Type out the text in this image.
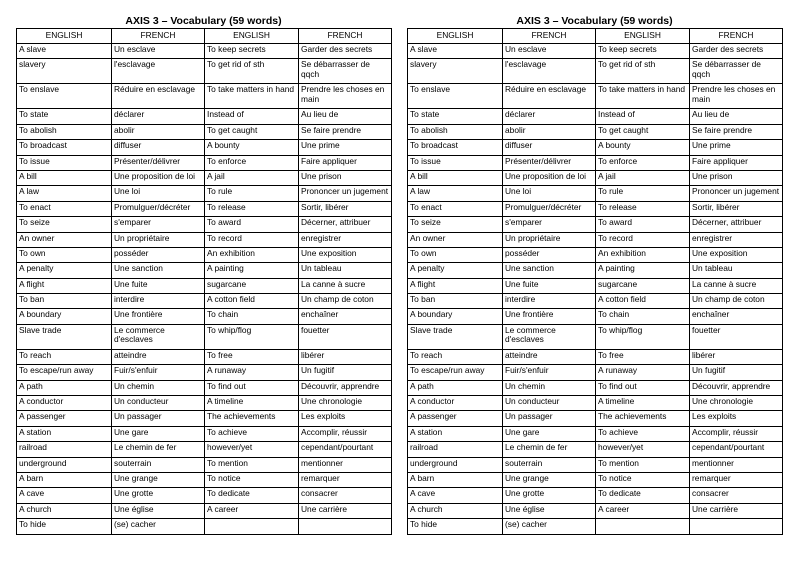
AXIS 3 – Vocabulary (59 words)
ENGLISH	FRENCH	ENGLISH	FRENCH
A slave	Un esclave	To keep secrets	Garder des secrets
slavery	l'esclavage	To get rid of sth	Se débarrasser de qqch
To enslave	Réduire en esclavage	To take matters in hand	Prendre les choses en main
To state	déclarer	Instead of	Au lieu de
To abolish	abolir	To get caught	Se faire prendre
To broadcast	diffuser	A bounty	Une prime
To issue	Présenter/délivrer	To enforce	Faire appliquer
A bill	Une proposition de loi	A jail	Une prison
A law	Une loi	To rule	Prononcer un jugement
To enact	Promulguer/décréter	To release	Sortir, libérer
To seize	s'emparer	To award	Décerner, attribuer
An owner	Un propriétaire	To record	enregistrer
To own	posséder	An exhibition	Une exposition
A penalty	Une sanction	A painting	Un tableau
A flight	Une fuite	sugarcane	La canne à sucre
To ban	interdire	A cotton field	Un champ de coton
A boundary	Une frontière	To chain	enchaîner
Slave trade	Le commerce d'esclaves	To whip/flog	fouetter
To reach	atteindre	To free	libérer
To escape/run away	Fuir/s'enfuir	A runaway	Un fugitif
A path	Un chemin	To find out	Découvrir, apprendre
A conductor	Un conducteur	A timeline	Une chronologie
A passenger	Un passager	The achievements	Les exploits
A station	Une gare	To achieve	Accomplir, réussir
railroad	Le chemin de fer	however/yet	cependant/pourtant
underground	souterrain	To mention	mentionner
A barn	Une grange	To notice	remarquer
A cave	Une grotte	To dedicate	consacrer
A church	Une église	A career	Une carrière
To hide	(se) cacher		
AXIS 3 – Vocabulary (59 words)
ENGLISH	FRENCH	ENGLISH	FRENCH
A slave	Un esclave	To keep secrets	Garder des secrets
slavery	l'esclavage	To get rid of sth	Se débarrasser de qqch
To enslave	Réduire en esclavage	To take matters in hand	Prendre les choses en main
To state	déclarer	Instead of	Au lieu de
To abolish	abolir	To get caught	Se faire prendre
To broadcast	diffuser	A bounty	Une prime
To issue	Présenter/délivrer	To enforce	Faire appliquer
A bill	Une proposition de loi	A jail	Une prison
A law	Une loi	To rule	Prononcer un jugement
To enact	Promulguer/décréter	To release	Sortir, libérer
To seize	s'emparer	To award	Décerner, attribuer
An owner	Un propriétaire	To record	enregistrer
To own	posséder	An exhibition	Une exposition
A penalty	Une sanction	A painting	Un tableau
A flight	Une fuite	sugarcane	La canne à sucre
To ban	interdire	A cotton field	Un champ de coton
A boundary	Une frontière	To chain	enchaîner
Slave trade	Le commerce d'esclaves	To whip/flog	fouetter
To reach	atteindre	To free	libérer
To escape/run away	Fuir/s'enfuir	A runaway	Un fugitif
A path	Un chemin	To find out	Découvrir, apprendre
A conductor	Un conducteur	A timeline	Une chronologie
A passenger	Un passager	The achievements	Les exploits
A station	Une gare	To achieve	Accomplir, réussir
railroad	Le chemin de fer	however/yet	cependant/pourtant
underground	souterrain	To mention	mentionner
A barn	Une grange	To notice	remarquer
A cave	Une grotte	To dedicate	consacrer
A church	Une église	A career	Une carrière
To hide	(se) cacher		
